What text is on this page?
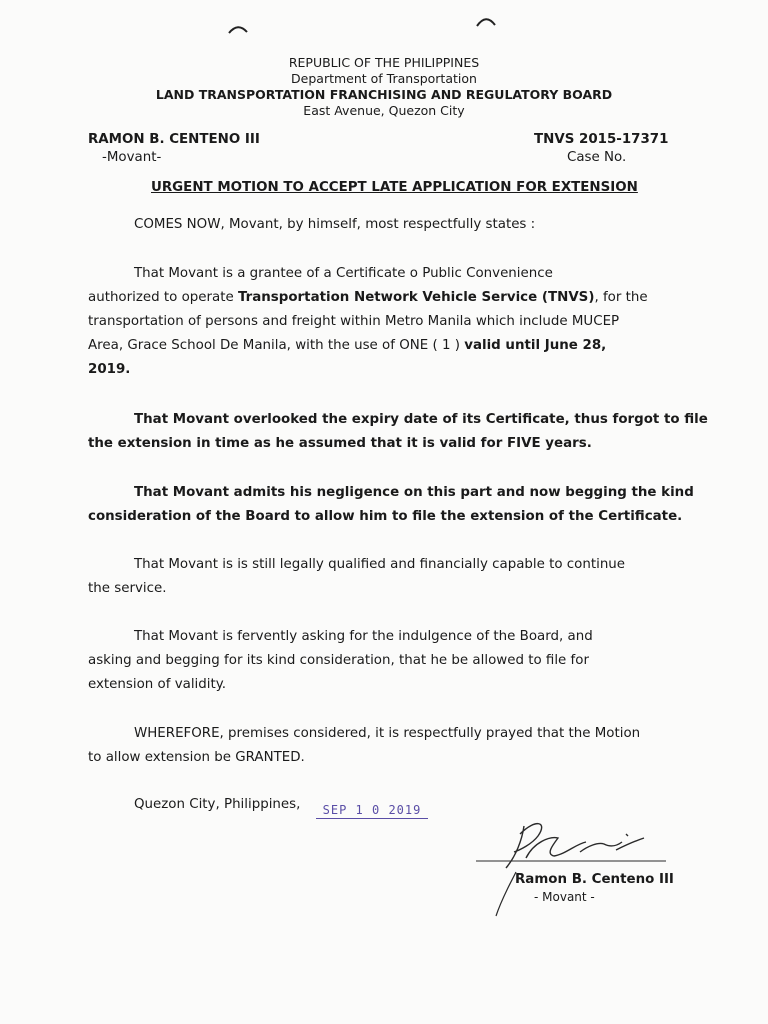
REPUBLIC OF THE PHILIPPINES
Department of Transportation
LAND TRANSPORTATION FRANCHISING AND REGULATORY BOARD
East Avenue, Quezon City
RAMON B. CENTENO III
-Movant-
TNVS 2015-17371
Case No.
URGENT MOTION TO ACCEPT LATE APPLICATION FOR EXTENSION
COMES NOW, Movant, by himself, most respectfully states :
That Movant is a grantee of a Certificate o Public Convenience
authorized to operate Transportation Network Vehicle Service (TNVS), for the
transportation of persons and freight within Metro Manila which include MUCEP
Area, Grace School De Manila, with the use of ONE ( 1 ) valid until June 28,
2019.
That Movant overlooked the expiry date of its Certificate, thus forgot to file
the extension in time as he assumed that it is valid for FIVE years.
That Movant admits his negligence on this part and now begging the kind
consideration of the Board to allow him to file the extension of the Certificate.
That Movant is is still legally qualified and financially capable to continue
the service.
That Movant is fervently asking for the indulgence of the Board, and
asking and begging for its kind consideration, that he be allowed to file for
extension of validity.
WHEREFORE, premises considered, it is respectfully prayed that the Motion
to allow extension be GRANTED.
Quezon City, Philippines,	SEP 1 0 2019
Ramon B. Centeno III
- Movant -
